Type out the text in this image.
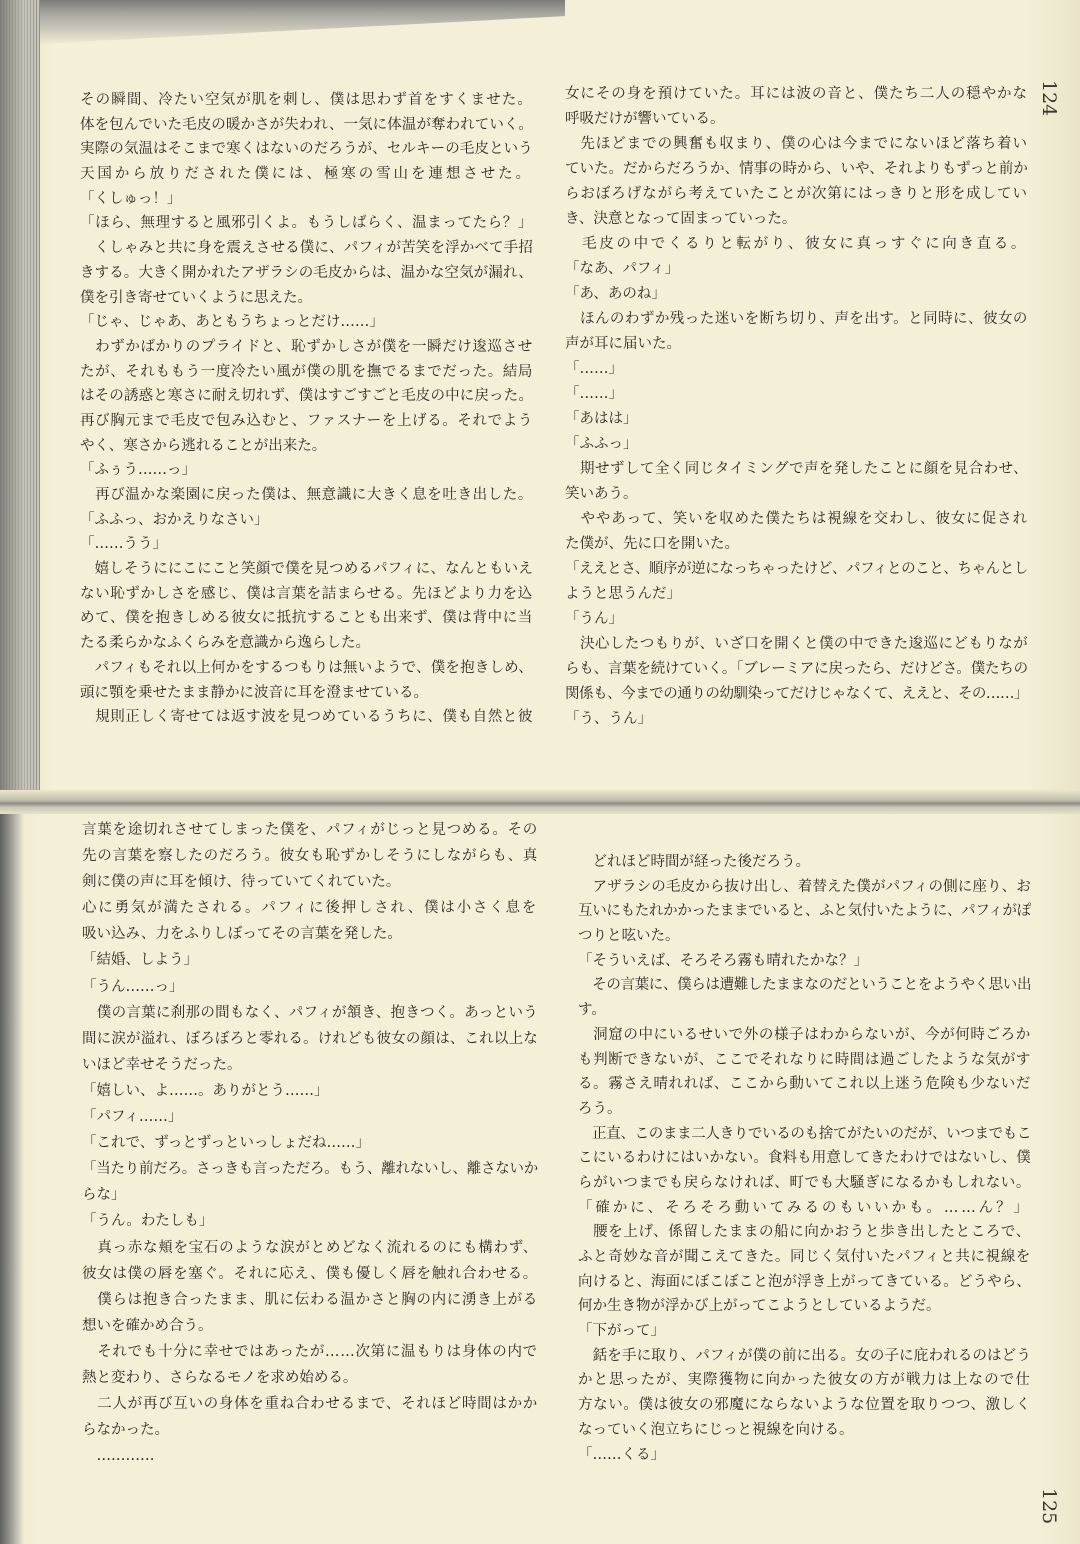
その瞬間、冷たい空気が肌を刺し、僕は思わず首をすくませた。
体を包んでいた毛皮の暖かさが失われ、一気に体温が奪われていく。
実際の気温はそこまで寒くはないのだろうが、セルキーの毛皮という
天国から放りだされた僕には、極寒の雪山を連想させた。
「くしゅっ！」
「ほら、無理すると風邪引くよ。もうしばらく、温まってたら？」
　くしゃみと共に身を震えさせる僕に、パフィが苦笑を浮かべて手招
きする。大きく開かれたアザラシの毛皮からは、温かな空気が漏れ、
僕を引き寄せていくように思えた。
「じゃ、じゃあ、あともうちょっとだけ……」
　わずかばかりのプライドと、恥ずかしさが僕を一瞬だけ逡巡させ
たが、それももう一度冷たい風が僕の肌を撫でるまでだった。結局
はその誘惑と寒さに耐え切れず、僕はすごすごと毛皮の中に戻った。
再び胸元まで毛皮で包み込むと、ファスナーを上げる。それでよう
やく、寒さから逃れることが出来た。
「ふぅう……っ」
　再び温かな楽園に戻った僕は、無意識に大きく息を吐き出した。
「ふふっ、おかえりなさい」
「……うう」
　嬉しそうににこにこと笑顔で僕を見つめるパフィに、なんともいえ
ない恥ずかしさを感じ、僕は言葉を詰まらせる。先ほどより力を込
めて、僕を抱きしめる彼女に抵抗することも出来ず、僕は背中に当
たる柔らかなふくらみを意識から逸らした。
　パフィもそれ以上何かをするつもりは無いようで、僕を抱きしめ、
頭に顎を乗せたまま静かに波音に耳を澄ませている。
　規則正しく寄せては返す波を見つめているうちに、僕も自然と彼
女にその身を預けていた。耳には波の音と、僕たち二人の穏やかな
呼吸だけが響いている。
　先ほどまでの興奮も収まり、僕の心は今までにないほど落ち着い
ていた。だからだろうか、情事の時から、いや、それよりもずっと前か
らおぼろげながら考えていたことが次第にはっきりと形を成してい
き、決意となって固まっていった。
　毛皮の中でくるりと転がり、彼女に真っすぐに向き直る。
「なあ、パフィ」
「あ、あのね」
　ほんのわずか残った迷いを断ち切り、声を出す。と同時に、彼女の
声が耳に届いた。
「……」
「……」
「あはは」
「ふふっ」
　期せずして全く同じタイミングで声を発したことに顔を見合わせ、
笑いあう。
　ややあって、笑いを収めた僕たちは視線を交わし、彼女に促され
た僕が、先に口を開いた。
「ええとさ、順序が逆になっちゃったけど、パフィとのこと、ちゃんとし
ようと思うんだ」
「うん」
　決心したつもりが、いざ口を開くと僕の中できた逡巡にどもりなが
らも、言葉を続けていく。「ブレーミアに戻ったら、だけどさ。僕たちの
関係も、今までの通りの幼馴染ってだけじゃなくて、ええと、その……」
「う、うん」
124
言葉を途切れさせてしまった僕を、パフィがじっと見つめる。その
先の言葉を察したのだろう。彼女も恥ずかしそうにしながらも、真
剣に僕の声に耳を傾け、待っていてくれていた。
心に勇気が満たされる。パフィに後押しされ、僕は小さく息を
吸い込み、力をふりしぼってその言葉を発した。
「結婚、しよう」
「うん……っ」
　僕の言葉に刹那の間もなく、パフィが頷き、抱きつく。あっという
間に涙が溢れ、ぼろぼろと零れる。けれども彼女の顔は、これ以上な
いほど幸せそうだった。
「嬉しい、よ……。ありがとう……」
「パフィ……」
「これで、ずっとずっといっしょだね……」
「当たり前だろ。さっきも言っただろ。もう、離れないし、離さないか
らな」
「うん。わたしも」
　真っ赤な頬を宝石のような涙がとめどなく流れるのにも構わず、
彼女は僕の唇を塞ぐ。それに応え、僕も優しく唇を触れ合わせる。
　僕らは抱き合ったまま、肌に伝わる温かさと胸の内に湧き上がる
想いを確かめ合う。
　それでも十分に幸せではあったが……次第に温もりは身体の内で
熱と変わり、さらなるモノを求め始める。
　二人が再び互いの身体を重ね合わせるまで、それほど時間はかか
らなかった。
　…………
　どれほど時間が経った後だろう。
　アザラシの毛皮から抜け出し、着替えた僕がパフィの側に座り、お
互いにもたれかかったままでいると、ふと気付いたように、パフィがぽ
つりと呟いた。
「そういえば、そろそろ霧も晴れたかな？」
　その言葉に、僕らは遭難したままなのだということをようやく思い出
す。
　洞窟の中にいるせいで外の様子はわからないが、今が何時ごろか
も判断できないが、ここでそれなりに時間は過ごしたような気がす
る。霧さえ晴れれば、ここから動いてこれ以上迷う危険も少ないだ
ろう。
　正直、このまま二人きりでいるのも捨てがたいのだが、いつまでもこ
こにいるわけにはいかない。食料も用意してきたわけではないし、僕
らがいつまでも戻らなければ、町でも大騒ぎになるかもしれない。
「確かに、そろそろ動いてみるのもいいかも。……ん？」
　腰を上げ、係留したままの船に向かおうと歩き出したところで、
ふと奇妙な音が聞こえてきた。同じく気付いたパフィと共に視線を
向けると、海面にぼこぼこと泡が浮き上がってきている。どうやら、
何か生き物が浮かび上がってこようとしているようだ。
「下がって」
　銛を手に取り、パフィが僕の前に出る。女の子に庇われるのはどう
かと思ったが、実際獲物に向かった彼女の方が戦力は上なので仕
方ない。僕は彼女の邪魔にならないような位置を取りつつ、激しく
なっていく泡立ちにじっと視線を向ける。
「……くる」
125
